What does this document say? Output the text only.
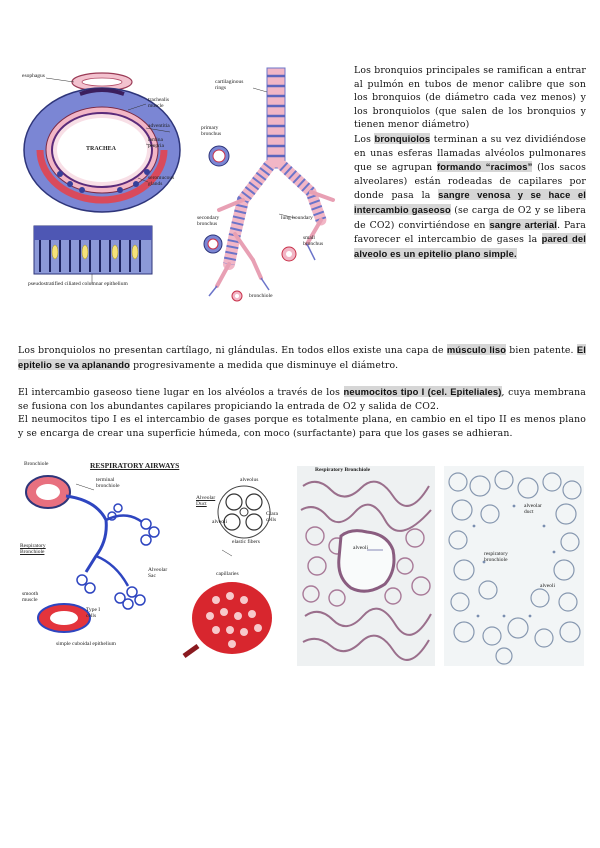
esophagus
trachealis
muscle
adventitia
lamina
propria
TRACHEA
seromucous
glands
pseudostratified ciliated columnar epithelium
cartilaginous
rings
primary
bronchus
lung boundary
secondary
bronchus
small
bronchus
bronchiole
Los bronquios principales se ramifican a entrar al pulmón en tubos de menor calibre que son los bronquios (de diámetro cada vez menos) y los bronquiolos (que salen de los bronquios y tienen menor diámetro)
Los bronquiolos terminan a su vez dividiéndose en unas esferas llamadas alvéolos pulmonares que se agrupan formando “racimos” (los sacos alveolares) están rodeadas de capilares por donde pasa la sangre venosa y se hace el intercambio gaseoso (se carga de O2 y se libera de CO2) convirtiéndose en sangre arterial. Para favorecer el intercambio de gases la pared del alveolo es un epitelio plano simple.
Los bronquiolos no presentan cartílago, ni glándulas. En todos ellos existe una capa de músculo liso bien patente. El epitelio se va aplanando progresivamente a medida que disminuye el diámetro.
El intercambio gaseoso tiene lugar en los alvéolos a través de los neumocitos tipo I (cel. Epiteliales), cuya membrana se fusiona con los abundantes capilares propiciando la entrada de O2 y salida de CO2.
El neumocitos tipo I es el intercambio de gases porque es totalmente plana, en cambio en el tipo II es menos plano y se encarga de crear una superficie húmeda, con moco (surfactante) para que los gases se adhieran.
Bronchiole	RESPIRATORY AIRWAYS
terminal
bronchiole
Alveolar
Duct
Respiratory
Bronchiole
Alveolar
Sac
alveolus
alveoli
Clara
cells
elastic fibers
capillaries
smooth
muscle
Type I
cells
simple cuboidal epithelium
Respiratory Bronchiole
alveoli
alveolar
duct
respiratory
bronchiole
alveoli
